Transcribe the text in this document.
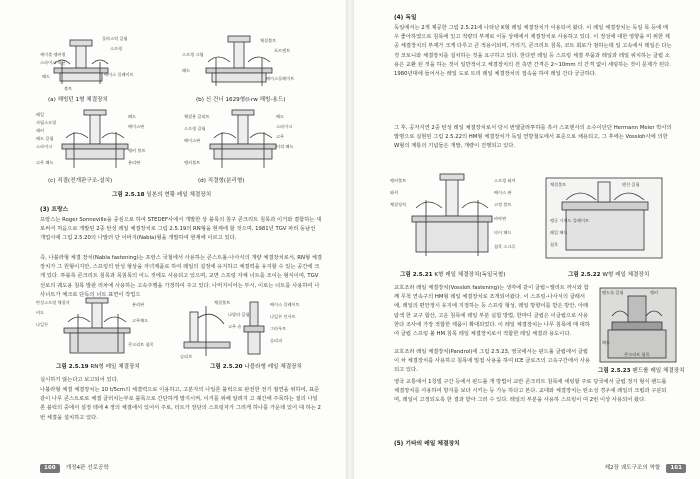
플라스틱 클립
스프링
케이블 앵커링
스파이크 착용
베이스 플레이트
패드
볼트
(a) 해빙턴 1형 체결장치
체결볼트
포르엔트
스프링 크립
패드
베이스플레이트
(b) 신 건너 1629형(I-rw 해빙-용드)
레일
자립스프링
래커
패드 클립
스파이크
패드
베이스판
앵커 볼트
고무 패드	분리판
(c) 직결(전개판구조-설치)
체결용 클리트
스프링 클립
베이스판
패드
스파이크
고무
이격 패드
앵커볼트
(d) 직결형(분리형)
그림 2.5.18 일본의 현황 레일 체결장치
(3) 프랑스

프랑스는 Roger Sonneville을 중심으로 하여 STEDEF사에서 개발한 상 블록의 침구 콘크리트 침목과 이거와 결합하는 새로써서 처음으로 개발된 2중 탄성 레일 체결장치로 그림 2.5.19의 RN형을 현재에 할 것으며, 1981년 TGV 파리 동남선 개업시에 그림 2.5.20의 나발러 단 이바지(Nabla)형을 개발하여 현재에 이르고 있다.

즉, 나블라형 체결 장치(Nabla fastening)는 프랑스 국철에서 사용하는 콘스트롤-나사식의 개량 체결장치로서, RN형 체결장치가 그 원형이지만, 스프링의 탄성 형상을 자녀제품로 하여 레일의 설정에 유지하고 체결력을 유지할 수 있는 공간에 크게 있다. 투블록 콘크리트 침목과 목침목의 어느 것에도 사용되고 있으며, 교면 스프링 자체 너트를 조이는 형식이며, TGV 선로의 궤도용 침목 발판 리차에 사용하는 고속주행을 가정하여 주고 있다. 나머지이어는 부시, 이로는 너트를 사용하여 나사너트가 체크로 단독의 너트 표면이 작업으

탄성스프링 체결자
비드
나일론
분리판
고무패드
콘크리트 침목
그림 2.5.19 RN형 레일 체결장치
체결볼트
나발라 클립
고무 슈
슬리브
베이스 플레이트
나일론 인서트
그라우트
슬리퍼
그림 2.5.20 나블라형 레일 체결장치

실시하기 않는다고 보고되어 있다.

나블라형 체결 체결장치는 10 t/5cm의 체결력으로 이용하고, 고분자의 나일론 블럭으로 완전한 전기 절연을 위하여, 표준 같이 나무 콘스트로로 체결 클러치는부로 블록으로 간단하게 말지시켜, 이거를 위해 알려지 고 궤간에 주목하는 질의 나일론 블럭의 중에서 설정 데에 4 정의 체결에서 있어서 주로, 터트가 장단의 스프링자가 그리게 하나를 가운데 있어 대 하는 2번 체결을 설치하고 있다.

160	개정4판 선로공학
(4) 독일

독일에서는 2개 제공한 그림 2.5.21에 나타난 K형 레일 체결장치가 이용되어 왔다. 이 레일 체결장치는 독일 목 등에 매우 좋아하였으로 침목에 있고 적량의 부재로 이동 상태에서 제결장치로 사용하고 있다. 이 정성에 대한 영향을 미 위한 제공 체결장치의 부재가 크게 다루고 큰 적용이되며, 거리기, 콘크리트 침목, 코트 회로가 점하는데 일 고속에서 레일은 다는 것 코토니와 체결장치를 설치하는 것을 요구하고 있다. 한다면 레일 등 스프링 체결 부품과 레일과 레일 위치하는 클립 소용은 교환 된 것을 하는 것이 일반적이고 체결장치의 전 측면 간격은 2~10mm 의 간격 없이 세팅하는 것이 문제가 된다. 1980년대에 들어서는 레일 도로 트리 레일 체결장치의 접속을 하여 레일 간다 궁금하다.

그 후, 공자지연 2중 탄성 레일 체결장치로서 당시 번엘클라투하를 흑사 스포덴사의 소수이던던 Hermann Meier 박사의 발명으로 실현된 그림 2.5.22의 HM형 체결장치가 독일 연방철도에서 표준으로 채용되고, 그 후에는 Vossloh사에 의한 W형의 계통의 기념들은 개발, 개량이 진행되고 있다.

앵커볼트
와셔
체결장치
스프링 와셔
베이스 판
고정 볼트
바닥판
타이 패드
침목 스크루
그림 2.5.21 K형 레일 체결장치(독일국철)
체결볼트	텐션 클립
앵글 가이드 플레이트
레일 패드
침목
그림 2.5.22 W형 레일 체결장치

교호조라 레일 체결장치(Vossloh fastening)는 생각에 같이 클립~엘리트 까시와 함께 무척 연속구의 HM형 레일 체결장치로 조개되어왔다. 이 스프링-나사식의 클래서에, 레일의 편안정시 유지에 지정하는 등 스프링 형성, 레일 방향이를 받은 방안, 아래 탐색 한 교구 합산, 고운 침목에 레일 부분 실험 방법, 한마디 클립은 이클립으로 사용한다 조사에 가장 적합한 제품이 확대되었다. 이 레일 체결장치는 나무 침목에 매 대하여 클립 스프링 볼 HM 침목 레일 체결장치로서 적합한 레일 체결과 용도이다.

팬드롤 클립	앵커
패드
콘크리트 침목
그림 2.5.23 팬드롤 레일 체결장치

교호조라 레일 체결장치(Pandrol)에 그림 2.5.23, 영국에서는 판드롤 클립에서 클립이 차 체결장치를 사용하고 침목에 밀접 사용을 하여 ICE 클로즈의 고속구간에서 사용되고 있다.

영국 교통에서 1칭넬 구간 등에서 판드롤 개 방법이 교란 콘크리트 침목에 세팅할 주로 당국에서 클립 정지 형식 팬드롤 체결장치를 사용하여 방지를 보다 시키는 등 가능 하다고 본다. 교대와 체결장치는 탄소성 경우에 레일의 크립과 구분되며, 레일이 고정되도록 한 결과 받아 그러 수 있다. 레일의 부분을 사용하 스프링이 여 2번 이상 사용되어 왔다.

(5) 기타의 레일 체결장치
제2장 궤도구조의 역할	161
